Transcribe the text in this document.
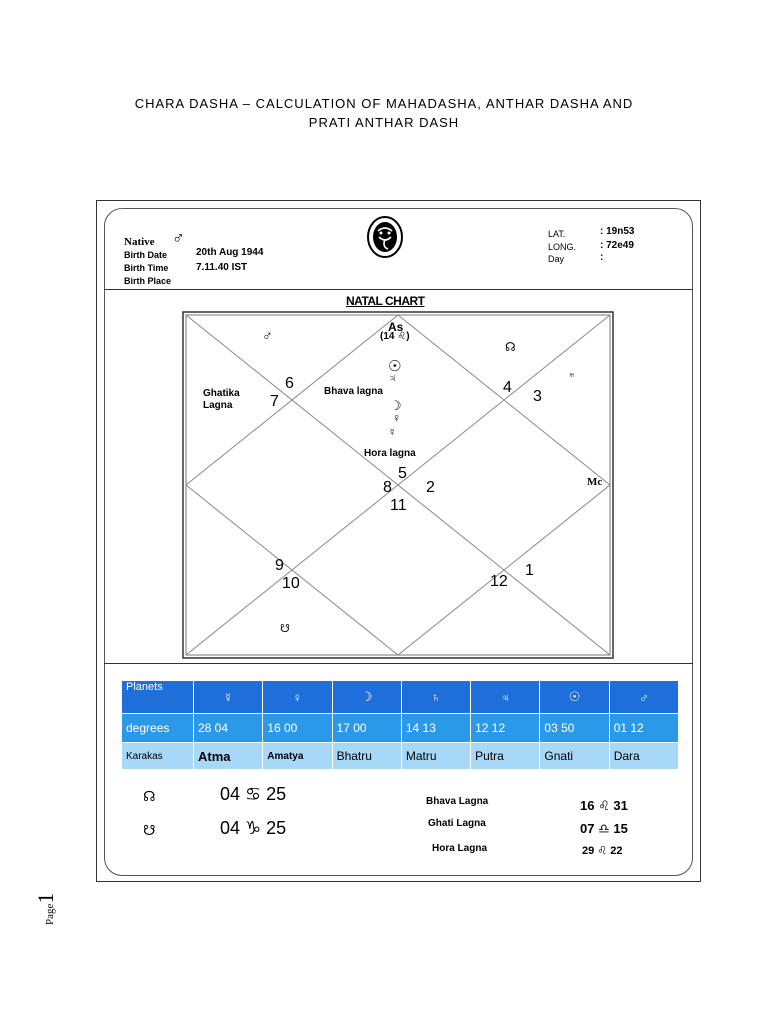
CHARA DASHA – CALCULATION OF MAHADASHA, ANTHAR DASHA AND
PRATI ANTHAR DASH
Native ♂
Birth Date	20th Aug 1944
Birth Time	7.11.40 IST
Birth Place
LAT.	: 19n53
LONG. : 72e49
Day	:
NATAL CHART
As
(14 ♌)
6
7
4
3
5
8 2
11
9
10	12
1
Ghatika
Lagna
Bhava lagna
Hora lagna
♂
☊
♅
☉
♃
☽
♀
☿
Mc
☋
Planets	☿	♀	☽	♄	♃	☉	♂
degrees	28 04	16 00	17 00	14 13	12 12	03 50	01 12
Karakas	Atma	Amatya	Bhatru	Matru	Putra	Gnati	Dara
☊	04 ♋ 25
☋	04 ♑ 25
Bhava Lagna	16 ♌ 31
Ghati Lagna	07 ♎ 15
Hora Lagna	29 ♌ 22
Page1
